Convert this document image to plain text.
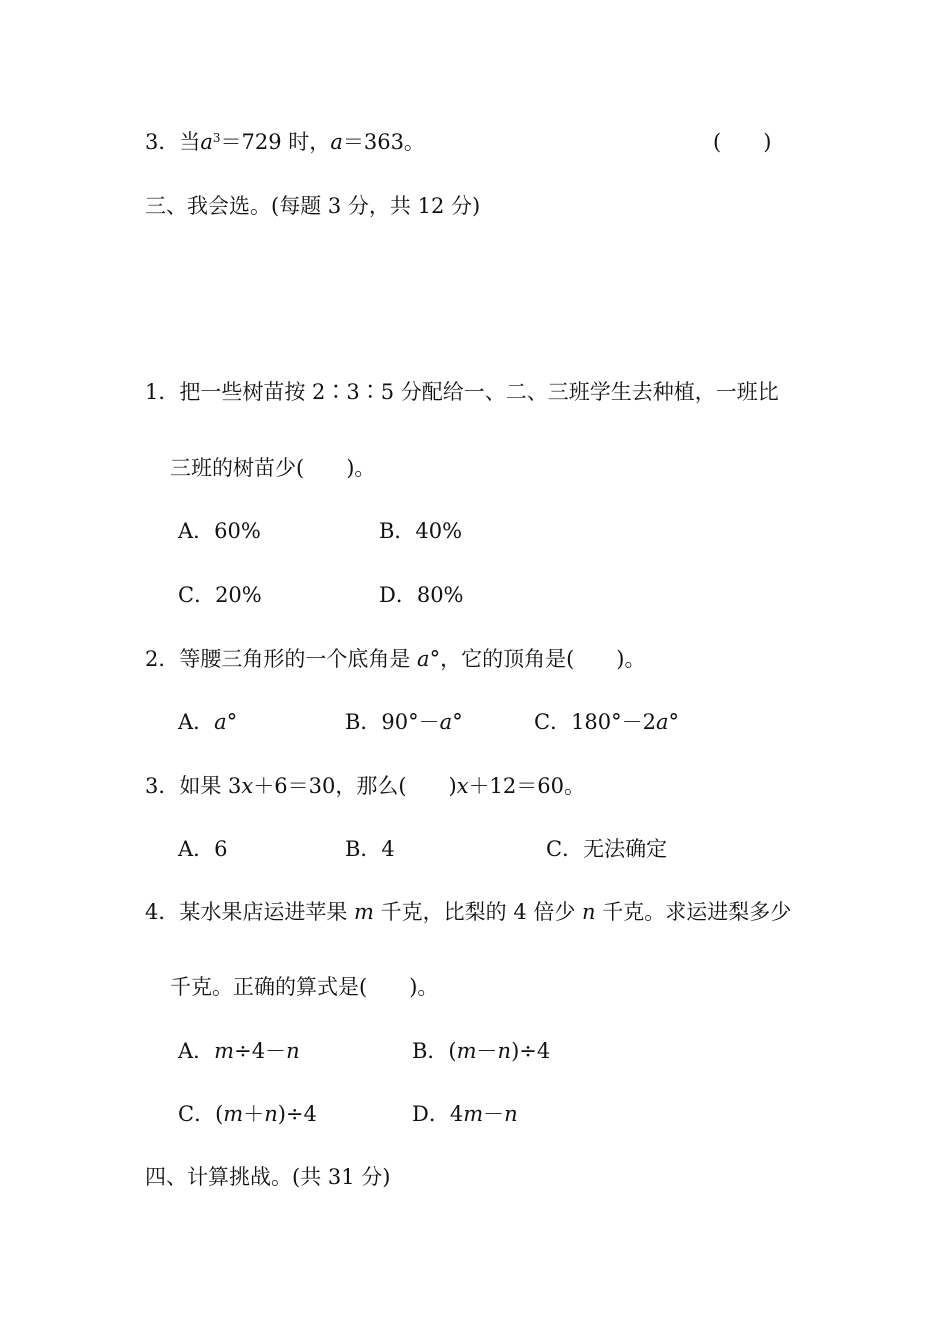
3．当$a^3=729$ 时，a＝363。	(　　)
三、我会选。(每题 3 分，共 12 分)
1．把一些树苗按 2∶3∶5 分配给一、二、三班学生去种植，一班比
三班的树苗少(　　)。
A．60%	B．40%
C．20%	D．80%
2．等腰三角形的一个底角是 a°，它的顶角是(　　)。
A．a°	B．90°－a°	C．180°－2a°
3．如果 3x＋6＝30，那么(　　)x＋12＝60。
A．6	B．4	C．无法确定
4．某水果店运进苹果 m 千克，比梨的 4 倍少 n 千克。求运进梨多少
千克。正确的算式是(　　)。
A．m÷4－n	B．(m－n)÷4
C．(m＋n)÷4	D．4m－n
四、计算挑战。(共 31 分)
